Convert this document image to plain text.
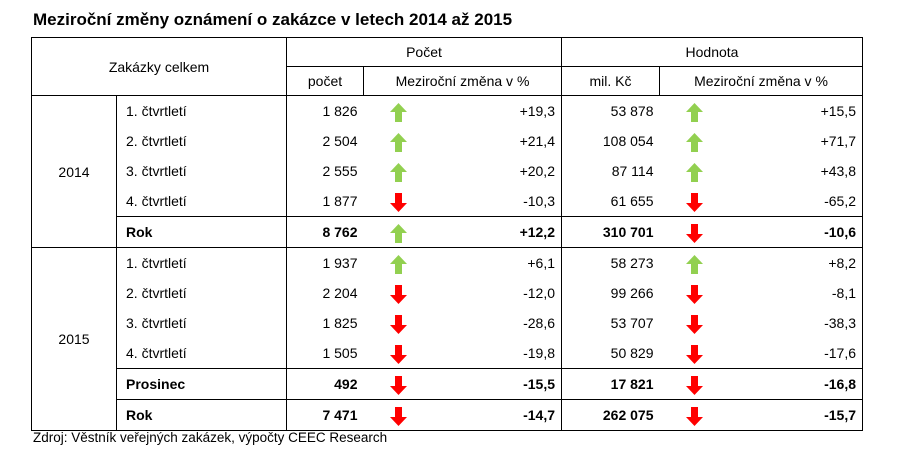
Meziroční změny oznámení o zakázce v letech 2014 až 2015
Zakázky celkem		Počet			Hodnota		
		počet	Meziroční změna v %		mil. Kč	Meziroční změna v %	
2014	1. čtvrtletí	1 826		+19,3	53 878		+15,5
	2. čtvrtletí	2 504		+21,4	108 054		+71,7
	3. čtvrtletí	2 555		+20,2	87 114		+43,8
	4. čtvrtletí	1 877		-10,3	61 655		-65,2
	Rok	8 762		+12,2	310 701		-10,6
2015	1. čtvrtletí	1 937		+6,1	58 273		+8,2
	2. čtvrtletí	2 204		-12,0	99 266		-8,1
	3. čtvrtletí	1 825		-28,6	53 707		-38,3
	4. čtvrtletí	1 505		-19,8	50 829		-17,6
	Prosinec	492		-15,5	17 821		-16,8
	Rok	7 471		-14,7	262 075		-15,7
Zdroj: Věstník veřejných zakázek, výpočty CEEC Research
